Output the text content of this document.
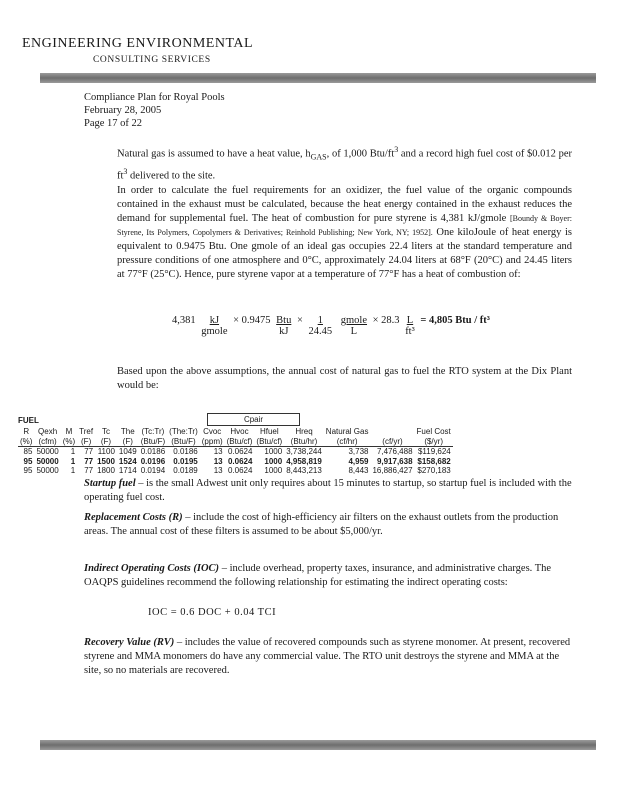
ENGINEERING ENVIRONMENTAL
CONSULTING SERVICES
Compliance Plan for Royal Pools
February 28, 2005
Page 17 of 22
Natural gas is assumed to have a heat value, $h_{GAS}$, of 1,000 Btu/$ft^3$ and a record high fuel cost of $0.012 per $ft^3$ delivered to the site.
In order to calculate the fuel requirements for an oxidizer, the fuel value of the organic compounds contained in the exhaust must be calculated, because the heat energy contained in the exhaust reduces the demand for supplemental fuel. The heat of combustion for pure styrene is 4,381 kJ/gmole [Boundy & Boyer: Styrene, Its Polymers, Copolymers & Derivatives; Reinhold Publishing; New York, NY; 1952]. One kiloJoule of heat energy is equivalent to 0.9475 Btu. One gmole of an ideal gas occupies 22.4 liters at the standard temperature and pressure conditions of one atmosphere and 0°C, approximately 24.04 liters at 68°F (20°C) and 24.45 liters at 77°F (25°C). Hence, pure styrene vapor at a temperature of 77°F has a heat of combustion of:
4,381 kJ
gmole × 0.9475 Btu
kJ × $\frac{1}{24.45}$ gmole
$L \times 28.3 \frac{L}{\text{ft³}} = 4,805$ Btu / ft³
Based upon the above assumptions, the annual cost of natural gas to fuel the RTO system at the Dix Plant would be:
FUEL	Cpair
R	Qexh	M	Tref	Tc	The	(Tc:Tr)	(The:Tr)	Cvoc	Hvoc	Hfuel	Hreq	Natural Gas		Fuel Cost
(%)	(cfm)	(%)	(F)	(F)	(F)	(Btu/F)	(Btu/F)	(ppm)	(Btu/cf)	(Btu/cf)	(Btu/hr)	(cf/hr)	(cf/yr)	($/yr)
85	50000	1	77	1100	1049	0.0186	0.0186	13	0.0624	1000	3,738,244	3,738	7,476,488	$119,624
95	50000	1	77	1500	1524	0.0196	0.0195	13	0.0624	1000	4,958,819	4,959	9,917,638	$158,682
95	50000	1	77	1800	1714	0.0194	0.0189	13	0.0624	1000	8,443,213	8,443	16,886,427	$270,183
Startup fuel – is the small Adwest unit only requires about 15 minutes to startup, so startup fuel is included with the operating fuel cost.
Replacement Costs (R) – include the cost of high-efficiency air filters on the exhaust outlets from the production areas. The annual cost of these filters is assumed to be about $5,000/yr.
Indirect Operating Costs (IOC) – include overhead, property taxes, insurance, and administrative charges. The OAQPS guidelines recommend the following relationship for estimating the indirect operating costs:
IOC = 0.6 DOC + 0.04 TCI
Recovery Value (RV) – includes the value of recovered compounds such as styrene monomer. At present, recovered styrene and MMA monomers do have any commercial value. The RTO unit destroys the styrene and MMA at the site, so no materials are recovered.
